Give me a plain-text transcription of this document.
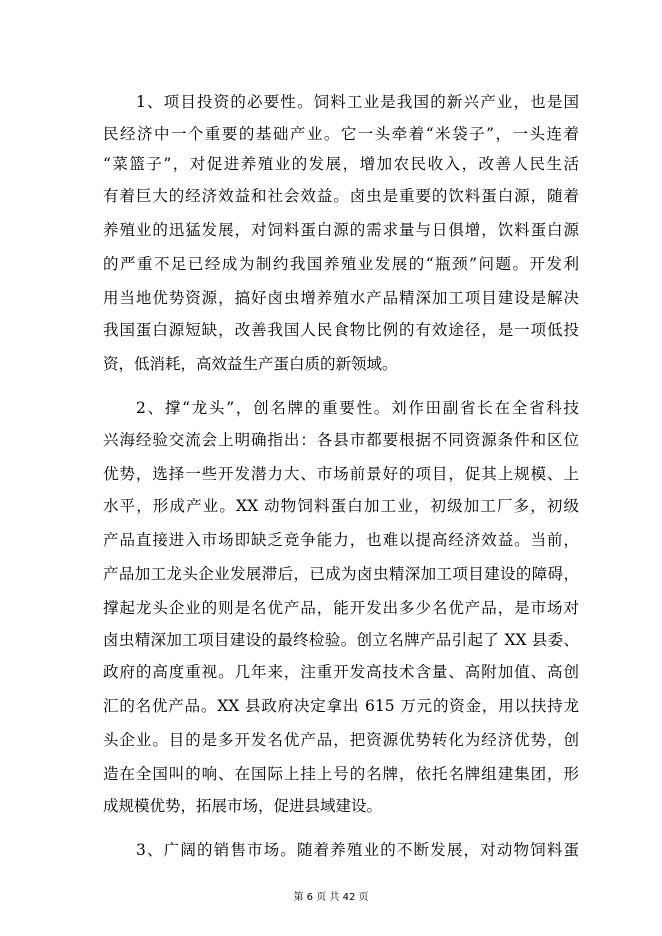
1、项目投资的必要性。饲料工业是我国的新兴产业，也是国
民经济中一个重要的基础产业。它一头牵着“米袋子”，一头连着
“菜篮子”，对促进养殖业的发展，增加农民收入，改善人民生活
有着巨大的经济效益和社会效益。卤虫是重要的饮料蛋白源，随着
养殖业的迅猛发展，对饲料蛋白源的需求量与日俱增，饮料蛋白源
的严重不足已经成为制约我国养殖业发展的“瓶颈”问题。开发利
用当地优势资源，搞好卤虫增养殖水产品精深加工项目建设是解决
我国蛋白源短缺，改善我国人民食物比例的有效途径，是一项低投
资，低消耗，高效益生产蛋白质的新领域。
2、撑“龙头”，创名牌的重要性。刘作田副省长在全省科技
兴海经验交流会上明确指出：各县市都要根据不同资源条件和区位
优势，选择一些开发潜力大、市场前景好的项目，促其上规模、上
水平，形成产业。XX 动物饲料蛋白加工业，初级加工厂多，初级
产品直接进入市场即缺乏竞争能力，也难以提高经济效益。当前，
产品加工龙头企业发展滞后，已成为卤虫精深加工项目建设的障碍，
撑起龙头企业的则是名优产品，能开发出多少名优产品，是市场对
卤虫精深加工项目建设的最终检验。创立名牌产品引起了 XX 县委、
政府的高度重视。几年来，注重开发高技术含量、高附加值、高创
汇的名优产品。XX 县政府决定拿出 615 万元的资金，用以扶持龙
头企业。目的是多开发名优产品，把资源优势转化为经济优势，创
造在全国叫的响、在国际上挂上号的名牌，依托名牌组建集团，形
成规模优势，拓展市场，促进县域建设。
3、广阔的销售市场。随着养殖业的不断发展，对动物饲料蛋
第 6 页 共 42 页
